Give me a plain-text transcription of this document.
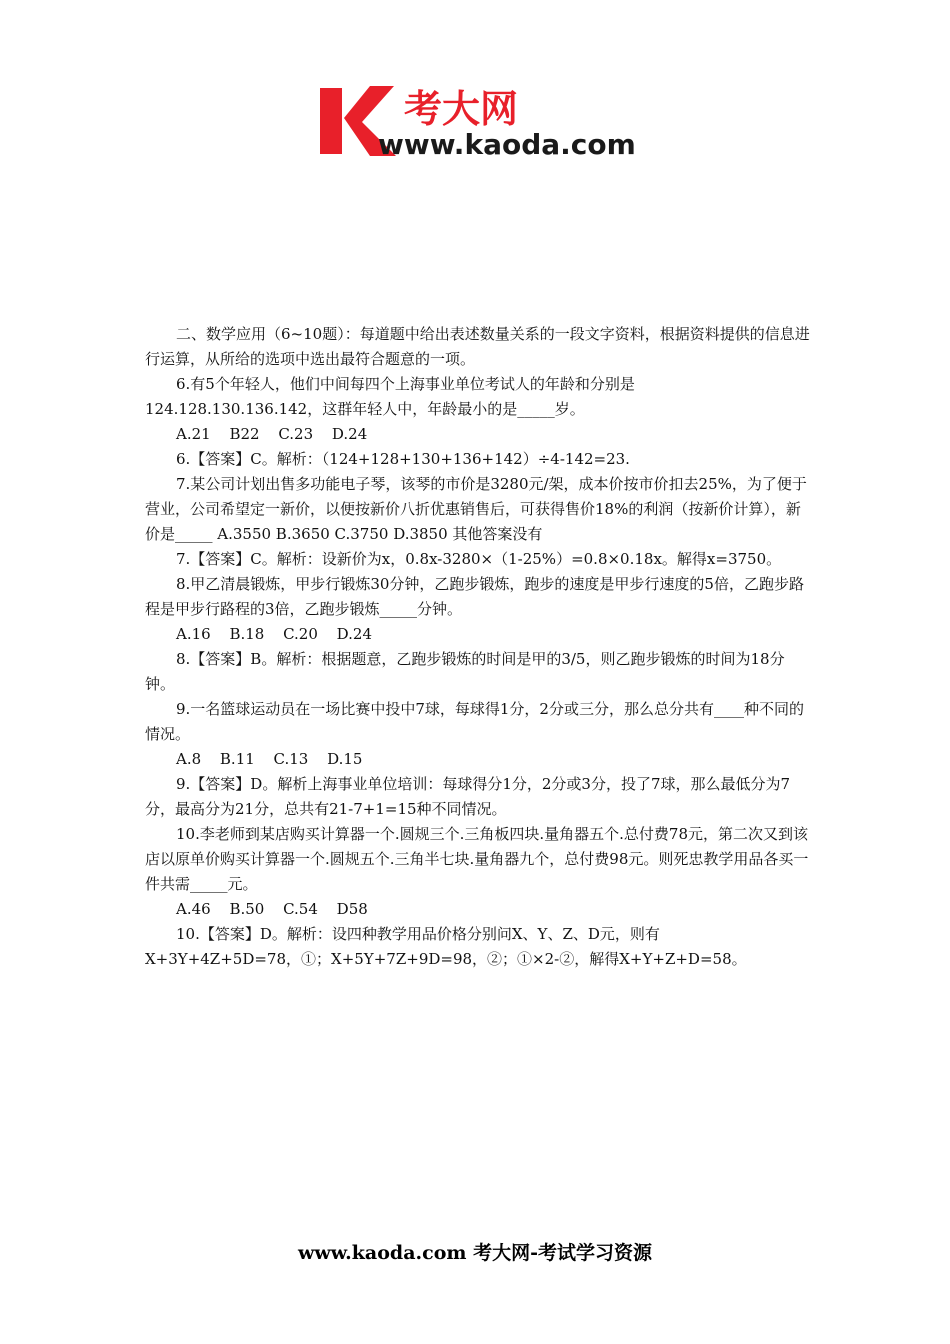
考大网
www.kaoda.com

二、数学应用（6~10题）：每道题中给出表述数量关系的一段文字资料，根据资料提供的信息进行运算，从所给的选项中选出最符合题意的一项。

6.有5个年轻人，他们中间每四个上海事业单位考试人的年龄和分别是124.128.130.136.142，这群年轻人中，年龄最小的是_____岁。

A.21 B22 C.23 D.24

6.【答案】C。解析：（124+128+130+136+142）÷4-142=23.

7.某公司计划出售多功能电子琴，该琴的市价是3280元/架，成本价按市价扣去25%，为了便于营业，公司希望定一新价，以便按新价八折优惠销售后，可获得售价18%的利润（按新价计算），新价是_____ A.3550 B.3650 C.3750 D.3850 其他答案没有

7.【答案】C。解析：设新价为x，0.8x-3280×（1-25%）=0.8×0.18x。解得x=3750。

8.甲乙清晨锻炼，甲步行锻炼30分钟，乙跑步锻炼，跑步的速度是甲步行速度的5倍，乙跑步路程是甲步行路程的3倍，乙跑步锻炼_____分钟。

A.16 B.18 C.20 D.24

8.【答案】B。解析：根据题意，乙跑步锻炼的时间是甲的3/5，则乙跑步锻炼的时间为18分钟。

9.一名篮球运动员在一场比赛中投中7球，每球得1分，2分或三分，那么总分共有____种不同的情况。

A.8 B.11 C.13 D.15

9.【答案】D。解析上海事业单位培训：每球得分1分，2分或3分，投了7球，那么最低分为7分，最高分为21分，总共有21-7+1=15种不同情况。

10.李老师到某店购买计算器一个.圆规三个.三角板四块.量角器五个.总付费78元，第二次又到该店以原单价购买计算器一个.圆规五个.三角半七块.量角器九个，总付费98元。则死忠教学用品各买一件共需_____元。

A.46 B.50 C.54 D58

10.【答案】D。解析：设四种教学用品价格分别问X、Y、Z、D元，则有X+3Y+4Z+5D=78，①；X+5Y+7Z+9D=98，②；①×2-②，解得X+Y+Z+D=58。

www.kaoda.com 考大网-考试学习资源
